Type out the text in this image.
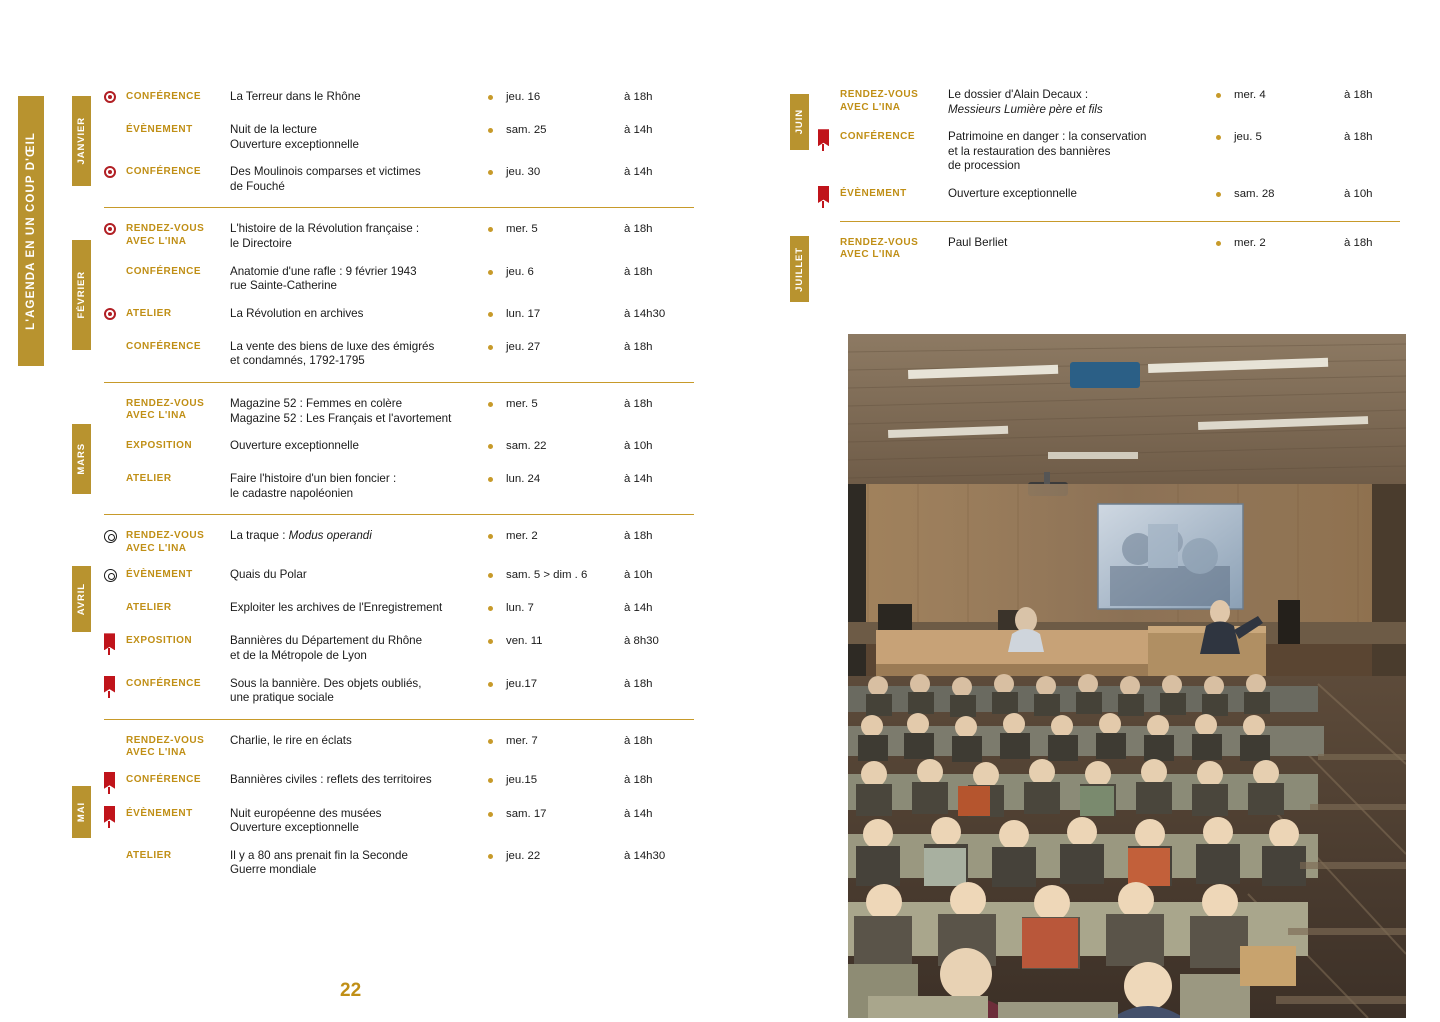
L'AGENDA EN UN COUP D'ŒIL	JANVIER
FÉVRIER
MARS
AVRIL
MAI
JUIN
JUILLET
CONFÉRENCE	La Terreur dans le Rhône	jeu. 16	à 18h
ÉVÈNEMENT	Nuit de la lecture
Ouverture exceptionnelle
sam. 25	à 14h
CONFÉRENCE	Des Moulinois comparses et victimes
de Fouché
jeu. 30	à 14h
RENDEZ-VOUS
AVEC L'INA
L'histoire de la Révolution française :
le Directoire
mer. 5	à 18h
CONFÉRENCE	Anatomie d'une rafle : 9 février 1943
rue Sainte-Catherine
jeu. 6	à 18h
ATELIER	La Révolution en archives	lun. 17	à 14h30
CONFÉRENCE	La vente des biens de luxe des émigrés
et condamnés, 1792-1795
jeu. 27	à 18h
RENDEZ-VOUS
AVEC L'INA
Magazine 52 : Femmes en colère
Magazine 52 : Les Français et l'avortement
mer. 5	à 18h
EXPOSITION	Ouverture exceptionnelle	sam. 22	à 10h
ATELIER	Faire l'histoire d'un bien foncier :
le cadastre napoléonien
lun. 24	à 14h
RENDEZ-VOUS
AVEC L'INA
La traque : Modus operandi	mer. 2	à 18h
ÉVÈNEMENT	Quais du Polar	sam. 5 > dim . 6	à 10h
ATELIER	Exploiter les archives de l'Enregistrement	lun. 7	à 14h
EXPOSITION	Bannières du Département du Rhône
et de la Métropole de Lyon
ven. 11	à 8h30
CONFÉRENCE	Sous la bannière. Des objets oubliés,
une pratique sociale
jeu.17	à 18h
RENDEZ-VOUS
AVEC L'INA
Charlie, le rire en éclats	mer. 7	à 18h
CONFÉRENCE	Bannières civiles : reflets des territoires	jeu.15	à 18h
ÉVÈNEMENT	Nuit européenne des musées
Ouverture exceptionnelle
sam. 17	à 14h
ATELIER	Il y a 80 ans prenait fin la Seconde
Guerre mondiale
jeu. 22	à 14h30
RENDEZ-VOUS
AVEC L'INA
Le dossier d'Alain Decaux :
Messieurs Lumière père et fils
mer. 4	à 18h
CONFÉRENCE	Patrimoine en danger : la conservation
et la restauration des bannières
de procession
jeu. 5	à 18h
ÉVÈNEMENT	Ouverture exceptionnelle	sam. 28	à 10h
RENDEZ-VOUS
AVEC L'INA
Paul Berliet	mer. 2	à 18h
22
